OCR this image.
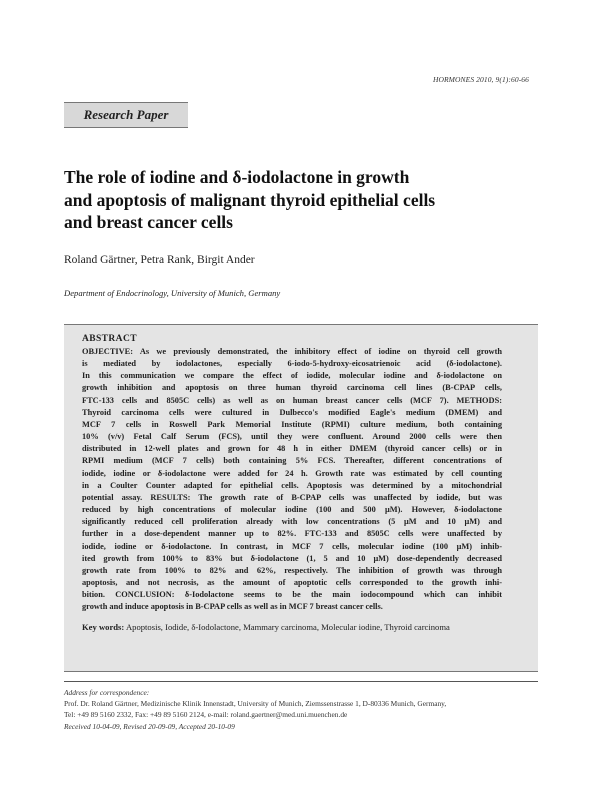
HORMONES 2010, 9(1):60-66
Research Paper
The role of iodine and δ-iodolactone in growth
and apoptosis of malignant thyroid epithelial cells
and breast cancer cells
Roland Gärtner, Petra Rank, Birgit Ander
Department of Endocrinology, University of Munich, Germany
ABSTRACT
OBJECTIVE: As we previously demonstrated, the inhibitory effect of iodine on thyroid cell growth
is mediated by iodolactones, especially 6-iodo-5-hydroxy-eicosatrienoic acid (δ-iodolactone).
In this communication we compare the effect of iodide, molecular iodine and δ-iodolactone on
growth inhibition and apoptosis on three human thyroid carcinoma cell lines (B-CPAP cells,
FTC-133 cells and 8505C cells) as well as on human breast cancer cells (MCF 7). METHODS:
Thyroid carcinoma cells were cultured in Dulbecco's modified Eagle's medium (DMEM) and
MCF 7 cells in Roswell Park Memorial Institute (RPMI) culture medium, both containing
10% (v/v) Fetal Calf Serum (FCS), until they were confluent. Around 2000 cells were then
distributed in 12-well plates and grown for 48 h in either DMEM (thyroid cancer cells) or in
RPMI medium (MCF 7 cells) both containing 5% FCS. Thereafter, different concentrations of
iodide, iodine or δ-iodolactone were added for 24 h. Growth rate was estimated by cell counting
in a Coulter Counter adapted for epithelial cells. Apoptosis was determined by a mitochondrial
potential assay. RESULTS: The growth rate of B-CPAP cells was unaffected by iodide, but was
reduced by high concentrations of molecular iodine (100 and 500 μM). However, δ-iodolactone
significantly reduced cell proliferation already with low concentrations (5 μM and 10 μM) and
further in a dose-dependent manner up to 82%. FTC-133 and 8505C cells were unaffected by
iodide, iodine or δ-iodolactone. In contrast, in MCF 7 cells, molecular iodine (100 μM) inhib-
ited growth from 100% to 83% but δ-iodolactone (1, 5 and 10 μM) dose-dependently decreased
growth rate from 100% to 82% and 62%, respectively. The inhibition of growth was through
apoptosis, and not necrosis, as the amount of apoptotic cells corresponded to the growth inhi-
bition. CONCLUSION: δ-Iodolactone seems to be the main iodocompound which can inhibit
growth and induce apoptosis in B-CPAP cells as well as in MCF 7 breast cancer cells.
Key words: Apoptosis, Iodide, δ-Iodolactone, Mammary carcinoma, Molecular iodine, Thyroid carcinoma
Address for correspondence:
Prof. Dr. Roland Gärtner, Medizinische Klinik Innenstadt, University of Munich, Ziemssenstrasse 1, D-80336 Munich, Germany,
Tel: +49 89 5160 2332, Fax: +49 89 5160 2124, e-mail: roland.gaertner@med.uni.muenchen.de
Received 10-04-09, Revised 20-09-09, Accepted 20-10-09
